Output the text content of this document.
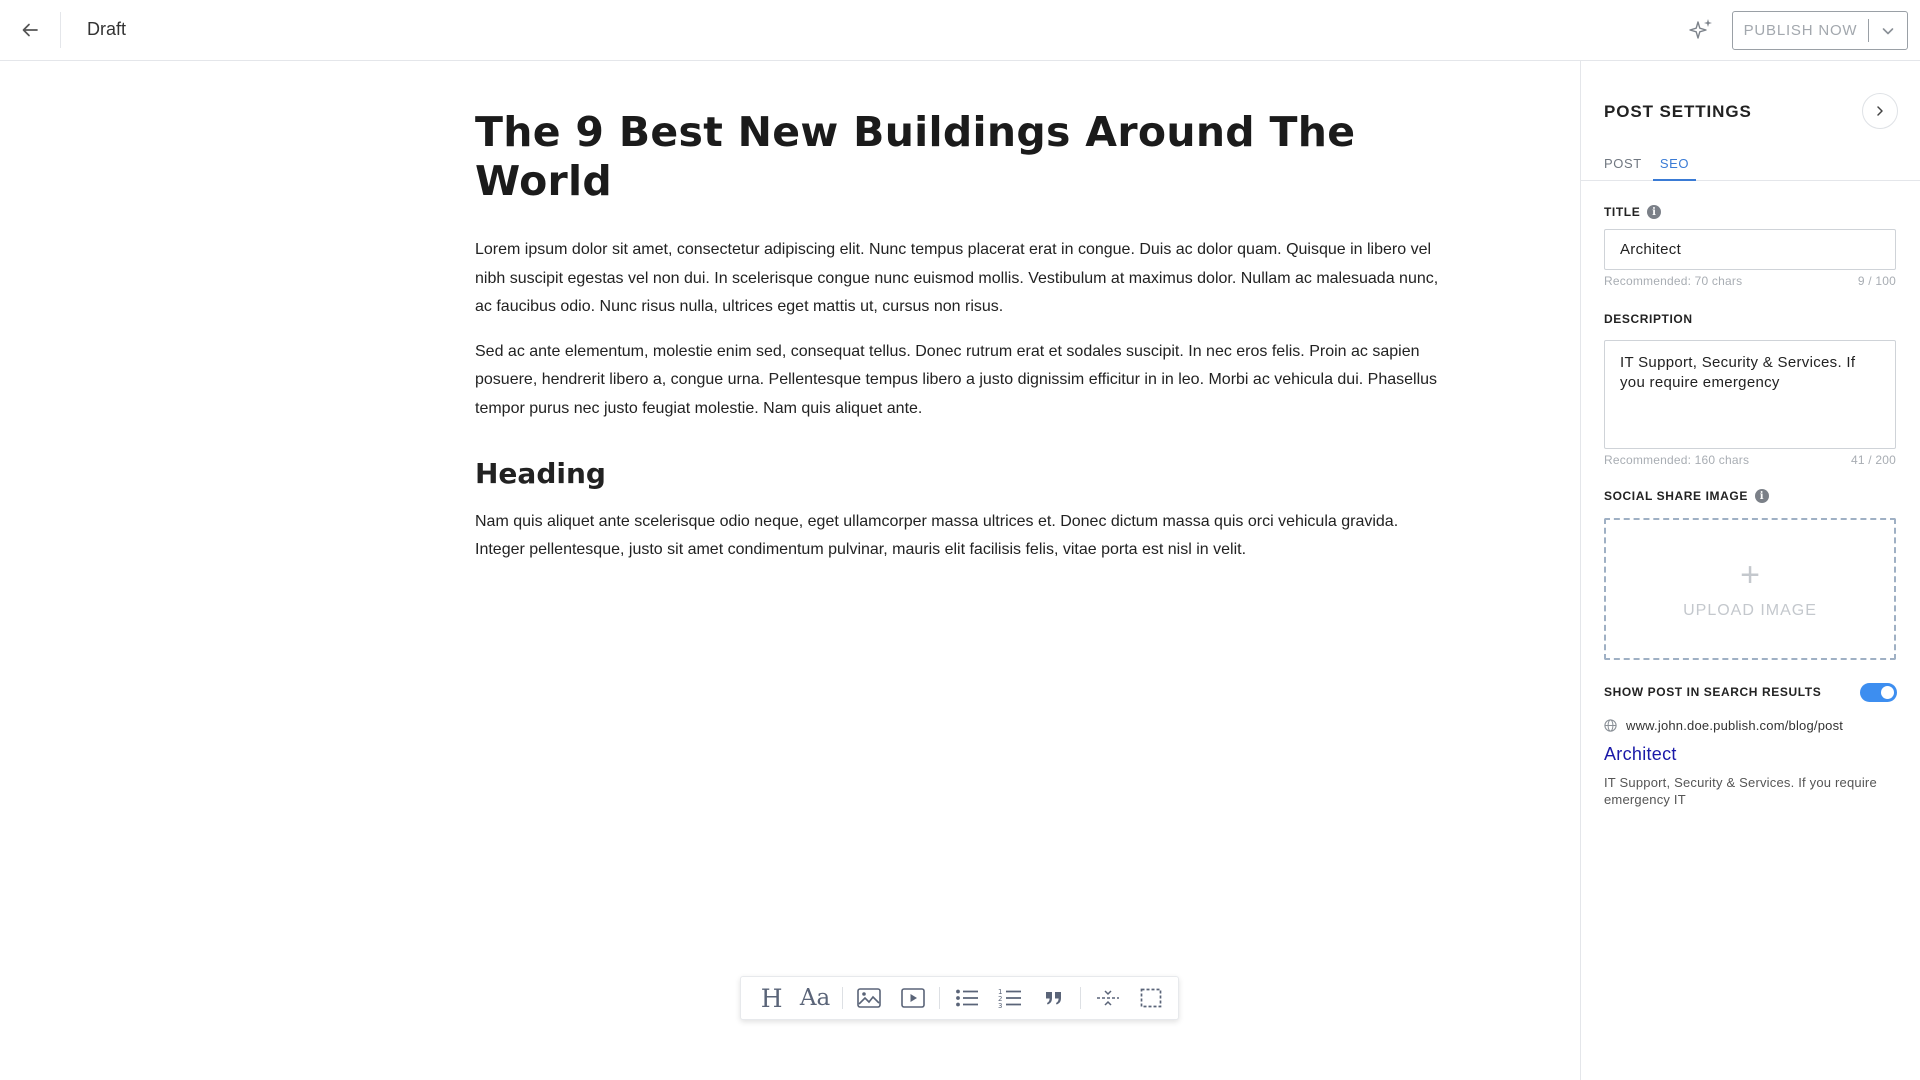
Draft	PUBLISH NOW
The 9 Best New Buildings Around The World

Lorem ipsum dolor sit amet, consectetur adipiscing elit. Nunc tempus placerat erat in congue. Duis ac dolor quam. Quisque in libero vel nibh suscipit egestas vel non dui. In scelerisque congue nunc euismod mollis. Vestibulum at maximus dolor. Nullam ac malesuada nunc, ac faucibus odio. Nunc risus nulla, ultrices eget mattis ut, cursus non risus.

Sed ac ante elementum, molestie enim sed, consequat tellus. Donec rutrum erat et sodales suscipit. In nec eros felis. Proin ac sapien posuere, hendrerit libero a, congue urna. Pellentesque tempus libero a justo dignissim efficitur in in leo. Morbi ac vehicula dui. Phasellus tempor purus nec justo feugiat molestie. Nam quis aliquet ante.

Heading

Nam quis aliquet ante scelerisque odio neque, eget ullamcorper massa ultrices et. Donec dictum massa quis orci vehicula gravida. Integer pellentesque, justo sit amet condimentum pulvinar, mauris elit facilisis felis, vitae porta est nisl in velit.

H Aa	1
2
3
POST SETTINGS
POST	SEO
TITLE	i
Architect
Recommended: 70 chars	9 / 100
DESCRIPTION
IT Support, Security & Services. If you require emergency
Recommended: 160 chars	41 / 200
SOCIAL SHARE IMAGE	i
+
UPLOAD IMAGE
SHOW POST IN SEARCH RESULTS
www.john.doe.publish.com/blog/post
Architect
IT Support, Security & Services. If you require emergency IT
